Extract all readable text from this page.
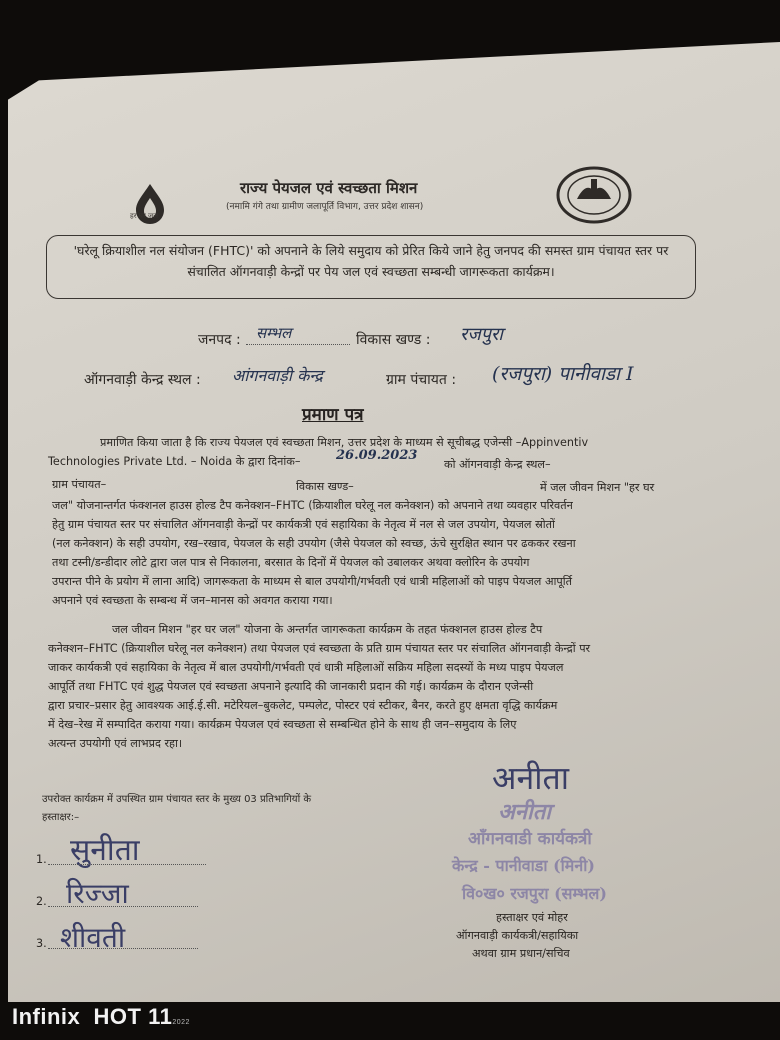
हर घर जल
राज्य पेयजल एवं स्वच्छता मिशन
(नमामि गंगे तथा ग्रामीण जलापूर्ति विभाग, उत्तर प्रदेश शासन)
'घरेलू क्रियाशील नल संयोजन (FHTC)' को अपनाने के लिये समुदाय को प्रेरित किये जाने हेतु जनपद की समस्त ग्राम पंचायत स्तर पर संचालित ऑगनवाड़ी केन्द्रों पर पेय जल एवं स्वच्छता सम्बन्धी जागरूकता कार्यक्रम।
जनपद : सम्भल	विकास खण्ड : रजपुरा
ऑगनवाड़ी केन्द्र स्थल : आंगनवाड़ी केन्द्र	ग्राम पंचायत : (रजपुरा) पानीवाडा I
प्रमाण पत्र
प्रमाणित किया जाता है कि राज्य पेयजल एवं स्वच्छता मिशन, उत्तर प्रदेश के माध्यम से सूचीबद्ध एजेन्सी –Appinventiv
Technologies Private Ltd. – Noida के द्वारा दिनांक–	26.09.2023
को ऑगनवाड़ी केन्द्र स्थल–
ग्राम पंचायत–	विकास खण्ड–	में जल जीवन मिशन "हर घर
जल" योजनान्तर्गत फंक्शनल हाउस होल्ड टैप कनेक्शन–FHTC (क्रियाशील घरेलू नल कनेक्शन) को अपनाने तथा व्यवहार परिवर्तन
हेतु ग्राम पंचायत स्तर पर संचालित ऑगनवाड़ी केन्द्रों पर कार्यकत्री एवं सहायिका के नेतृत्व में नल से जल उपयोग, पेयजल स्रोतों
(नल कनेक्शन) के सही उपयोग, रख–रखाव, पेयजल के सही उपयोग (जैसे पेयजल को स्वच्छ, ऊंचे सुरक्षित स्थान पर ढककर रखना
तथा टस्नी/डन्डीदार लोटे द्वारा जल पात्र से निकालना, बरसात के दिनों में पेयजल को उबालकर अथवा क्लोरिन के उपयोग
उपरान्त पीने के प्रयोग में लाना आदि) जागरूकता के माध्यम से बाल उपयोगी/गर्भवती एवं धात्री महिलाओं को पाइप पेयजल आपूर्ति
अपनाने एवं स्वच्छता के सम्बन्ध में जन–मानस को अवगत कराया गया।
जल जीवन मिशन "हर घर जल" योजना के अन्तर्गत जागरूकता कार्यक्रम के तहत फंक्शनल हाउस होल्ड टैप
कनेक्शन–FHTC (क्रियाशील घरेलू नल कनेक्शन) तथा पेयजल एवं स्वच्छता के प्रति ग्राम पंचायत स्तर पर संचालित ऑगनवाड़ी केन्द्रों पर
जाकर कार्यकत्री एवं सहायिका के नेतृत्व में बाल उपयोगी/गर्भवती एवं धात्री महिलाओं सक्रिय महिला सदस्यों के मध्य पाइप पेयजल
आपूर्ति तथा FHTC एवं शुद्ध पेयजल एवं स्वच्छता अपनाने इत्यादि की जानकारी प्रदान की गई। कार्यक्रम के दौरान एजेन्सी
द्वारा प्रचार–प्रसार हेतु आवश्यक आई.ई.सी. मटेरियल–बुकलेट, पम्पलेट, पोस्टर एवं स्टीकर, बैनर, करते हुए क्षमता वृद्धि कार्यक्रम
में देख–रेख में सम्पादित कराया गया। कार्यक्रम पेयजल एवं स्वच्छता से सम्बन्धित होने के साथ ही जन–समुदाय के लिए
अत्यन्त उपयोगी एवं लाभप्रद रहा।
उपरोक्त कार्यक्रम में उपस्थित ग्राम पंचायत स्तर के मुख्य 03 प्रतिभागियों के
हस्ताक्षर:–
1. सुनीता
2. रिज्जा
3. शीवती
अनीता
अनीता
आँगनवाडी कार्यकत्री
केन्द्र - पानीवाडा (मिनी)
वि०ख० रजपुरा (सम्भल)
हस्ताक्षर एवं मोहर
ऑगनवाड़ी कार्यकत्री/सहायिका
अथवा ग्राम प्रधान/सचिव
Infinix HOT 112022
